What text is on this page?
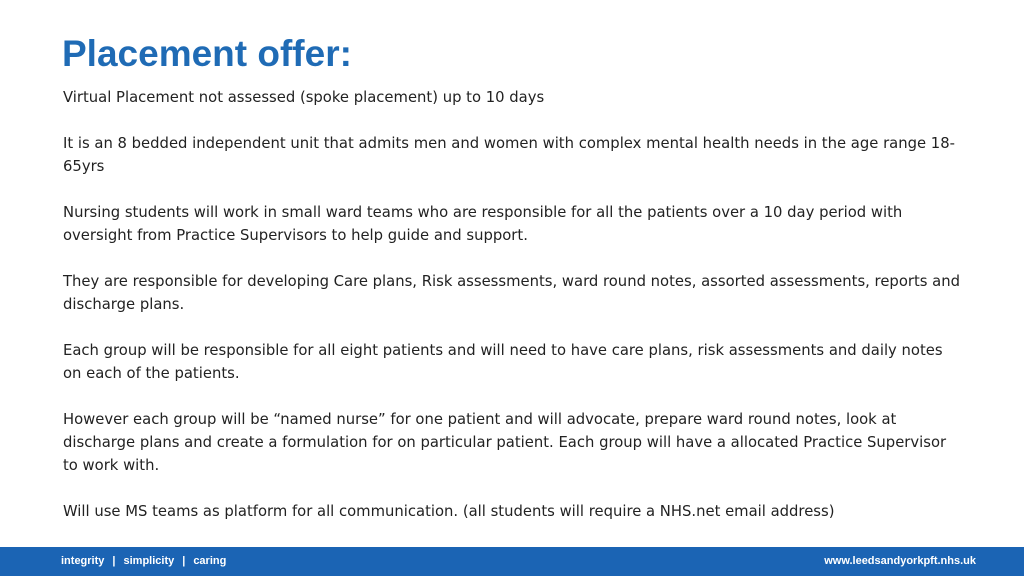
Placement offer:

Virtual Placement not assessed (spoke placement) up to 10 days

It is an 8 bedded independent unit that admits men and women with complex mental health needs in the age range 18-65yrs

Nursing students will work in small ward teams who are responsible for all the patients over a 10 day period with oversight from Practice Supervisors to help guide and support.

They are responsible for developing Care plans, Risk assessments, ward round notes, assorted assessments, reports and discharge plans.

Each group will be responsible for all eight patients and will need to have care plans, risk assessments and daily notes on each of the patients.

However each group will be “named nurse” for one patient and will advocate, prepare ward round notes, look at discharge plans and create a formulation for on particular patient. Each group will have a allocated Practice Supervisor to work with.

Will use MS teams as platform for all communication. (all students will require a NHS.net email address)

integrity | simplicity | caring	www.leedsandyorkpft.nhs.uk
